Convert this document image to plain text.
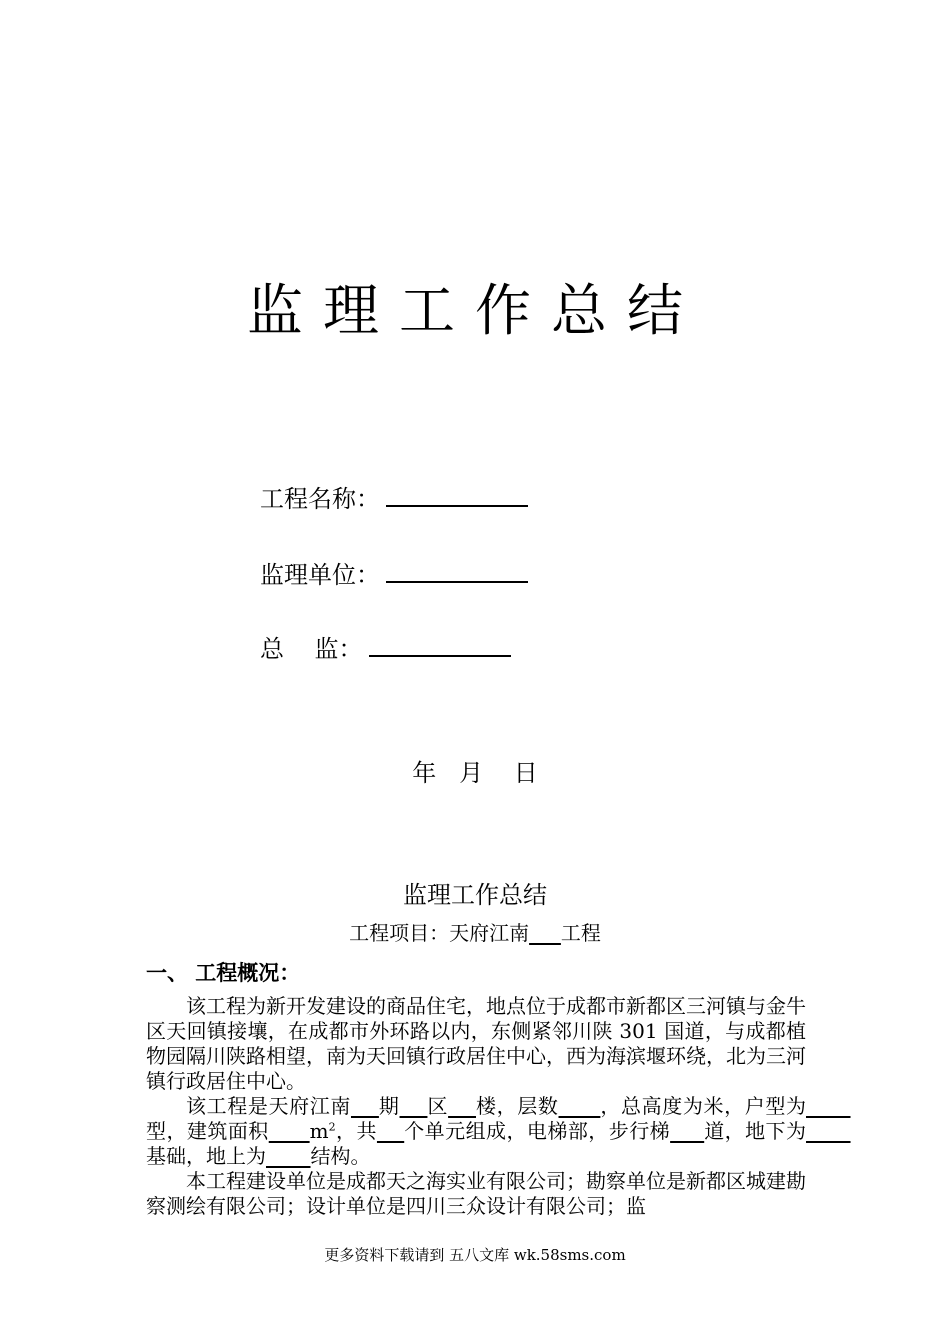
监理工作总结
工程名称：
监理单位：
总    监：
年   月    日
监理工作总结
工程项目：天府江南 工程
一、 工程概况：

该工程为新开发建设的商品住宅，地点位于成都市新都区三河镇与金牛区天回镇接壤，在成都市外环路以内，东侧紧邻川陕 301 国道，与成都植物园隔川陕路相望，南为天回镇行政居住中心，西为海滨堰环绕，北为三河镇行政居住中心。

该工程是天府江南 期 区 楼，层数 ，总高度为米，户型为       型，建筑面积 $m^2$，共 个单元组成，电梯部，步行梯 道，地下为       基础，地上为 结构。

本工程建设单位是成都天之海实业有限公司；勘察单位是新都区城建勘察测绘有限公司；设计单位是四川三众设计有限公司；监

更多资料下载请到 五八文库 wk.58sms.com
